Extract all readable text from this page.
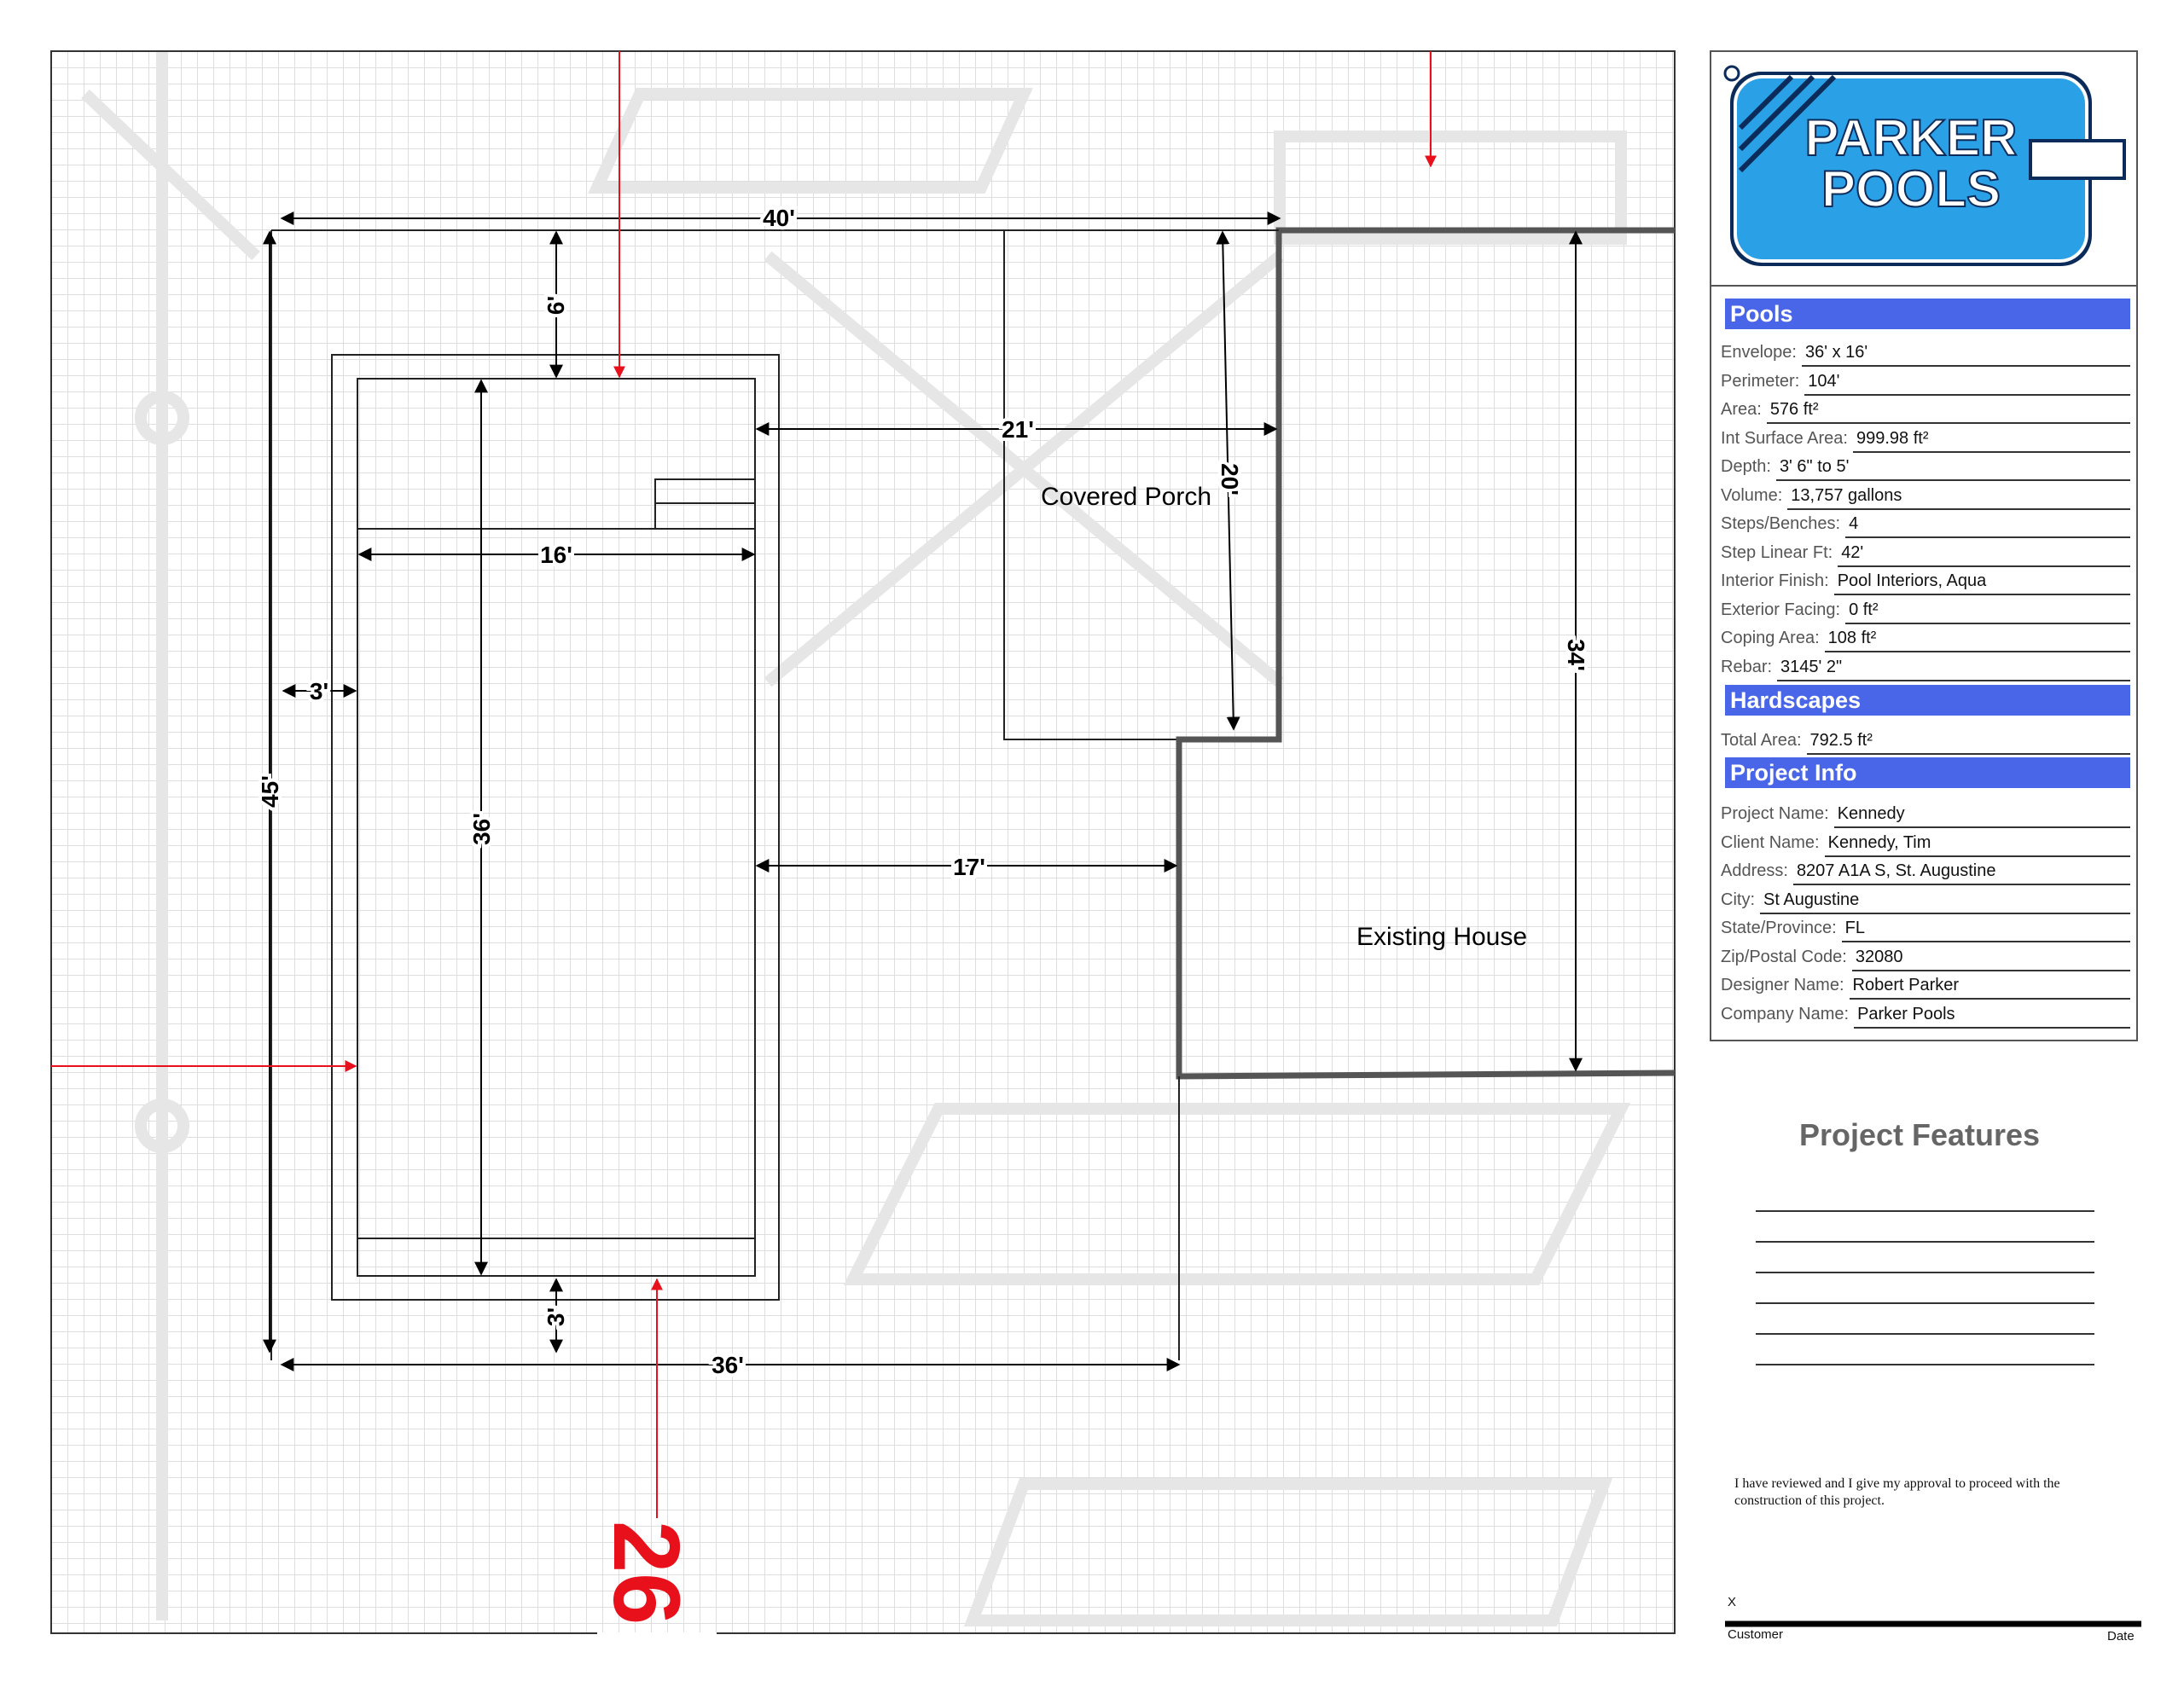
40'
36'
45'
6'
3'
3'
16'
36'
21'
17'
20'
34'
Covered Porch
Existing House
26
PARKER
POOLS
Pools
Envelope: 36' x 16'
Perimeter: 104'
Area: 576 ft²
Int Surface Area: 999.98 ft²
Depth: 3' 6" to 5'
Volume: 13,757 gallons
Steps/Benches: 4
Step Linear Ft: 42'
Interior Finish: Pool Interiors, Aqua
Exterior Facing: 0 ft²
Coping Area: 108 ft²
Rebar: 3145' 2"
Hardscapes
Total Area: 792.5 ft²
Project Info
Project Name: Kennedy
Client Name: Kennedy, Tim
Address: 8207 A1A S, St. Augustine
City: St Augustine
State/Province: FL
Zip/Postal Code: 32080
Designer Name: Robert Parker
Company Name: Parker Pools
Project Features
I have reviewed and I give my approval to proceed with the construction of this project.
X
Customer	Date
